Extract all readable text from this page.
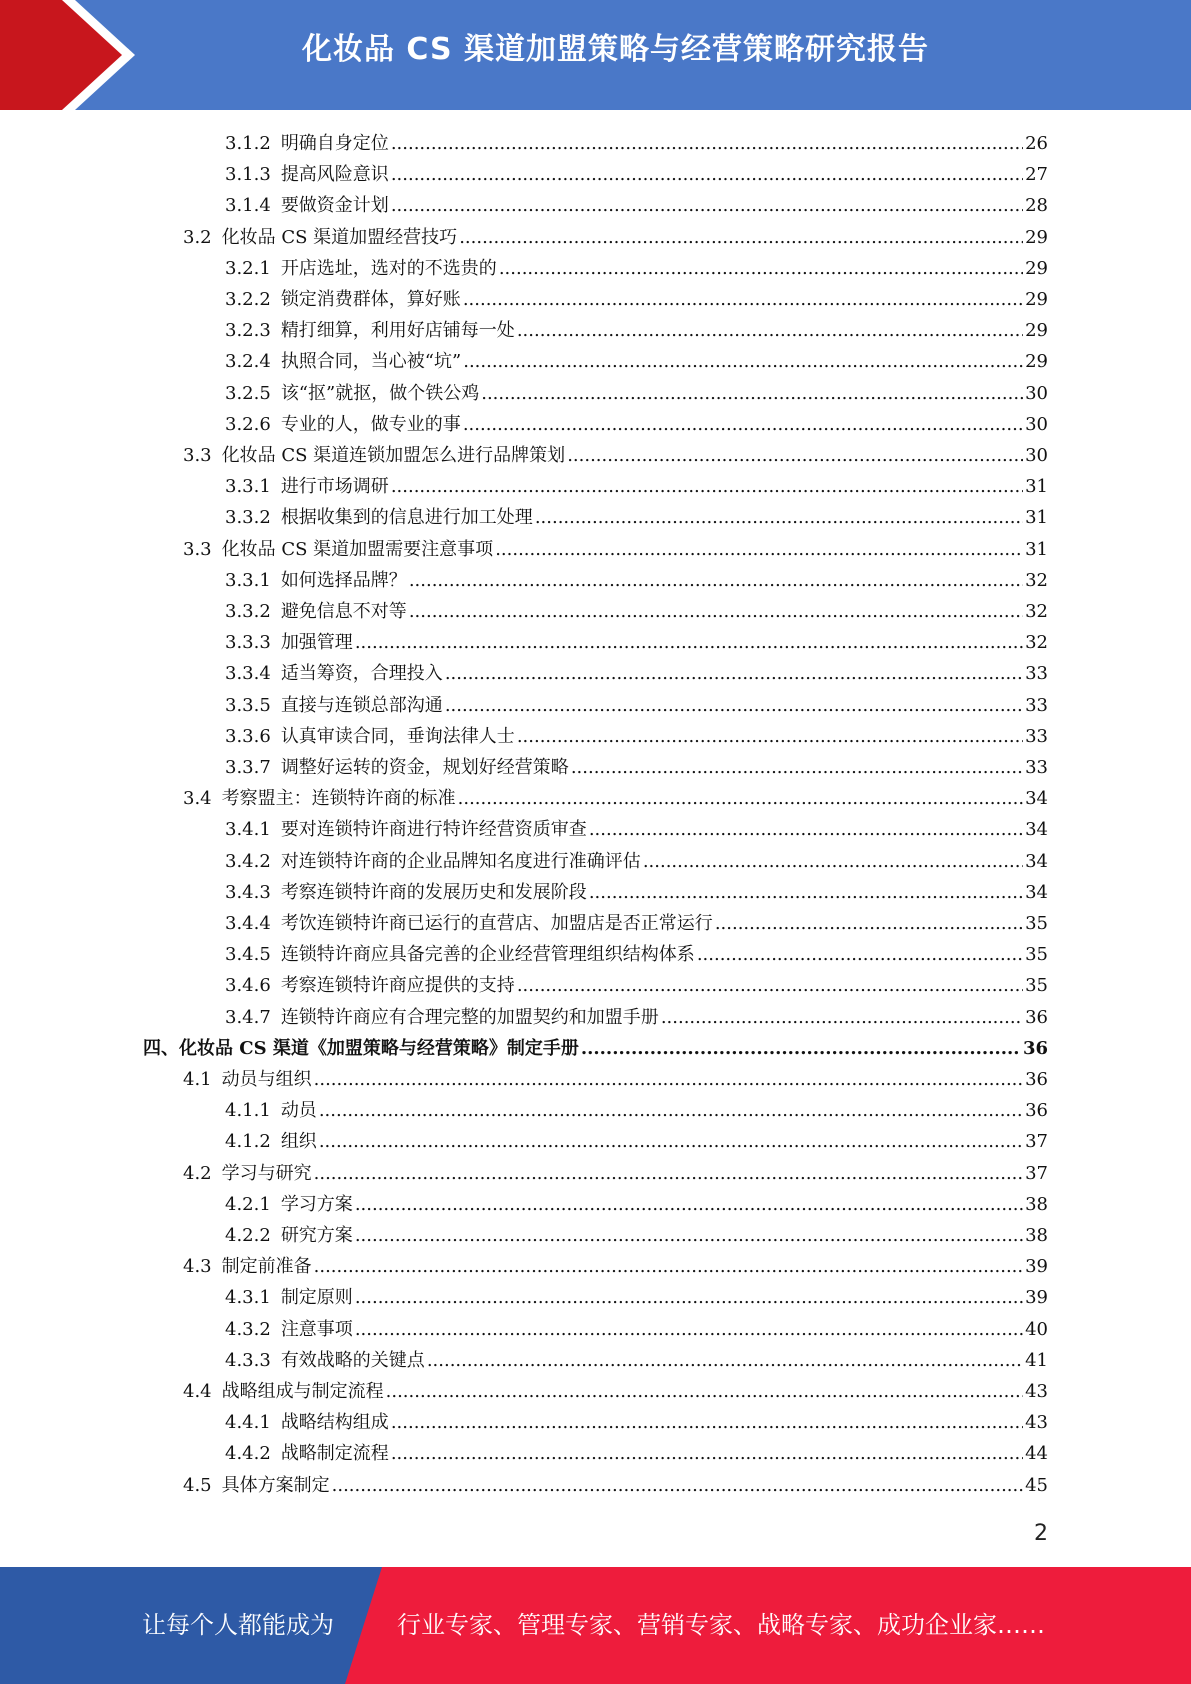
化妆品 CS 渠道加盟策略与经营策略研究报告
3.1.2 明确自身定位 .....	26
3.1.3 提高风险意识 .....	27
3.1.4 要做资金计划 .....	28
3.2 化妆品 CS 渠道加盟经营技巧 .....	29
3.2.1 开店选址，选对的不选贵的 .....	29
3.2.2 锁定消费群体，算好账 .....	29
3.2.3 精打细算，利用好店铺每一处 .....	29
3.2.4 执照合同，当心被“坑” .....	29
3.2.5 该“抠”就抠，做个铁公鸡 .....	30
3.2.6 专业的人，做专业的事 .....	30
3.3 化妆品 CS 渠道连锁加盟怎么进行品牌策划 .....	30
3.3.1 进行市场调研 .....	31
3.3.2 根据收集到的信息进行加工处理 .....	31
3.3 化妆品 CS 渠道加盟需要注意事项 .....	31
3.3.1 如何选择品牌？ .....	32
3.3.2 避免信息不对等 .....	32
3.3.3 加强管理 .....	32
3.3.4 适当筹资，合理投入 .....	33
3.3.5 直接与连锁总部沟通 .....	33
3.3.6 认真审读合同，垂询法律人士 .....	33
3.3.7 调整好运转的资金，规划好经营策略 .....	33
3.4 考察盟主：连锁特许商的标准 .....	34
3.4.1 要对连锁特许商进行特许经营资质审查 .....	34
3.4.2 对连锁特许商的企业品牌知名度进行准确评估 .....	34
3.4.3 考察连锁特许商的发展历史和发展阶段 .....	34
3.4.4 考饮连锁特许商已运行的直营店、加盟店是否正常运行 .....	35
3.4.5 连锁特许商应具备完善的企业经营管理组织结构体系 .....	35
3.4.6 考察连锁特许商应提供的支持 .....	35
3.4.7 连锁特许商应有合理完整的加盟契约和加盟手册 .....	36
四、化妆品 CS 渠道《加盟策略与经营策略》制定手册 .....	36
4.1 动员与组织 .....	36
4.1.1 动员 .....	36
4.1.2 组织 .....	37
4.2 学习与研究 .....	37
4.2.1 学习方案 .....	38
4.2.2 研究方案 .....	38
4.3 制定前准备 .....	39
4.3.1 制定原则 .....	39
4.3.2 注意事项 .....	40
4.3.3 有效战略的关键点 .....	41
4.4 战略组成与制定流程 .....	43
4.4.1 战略结构组成 .....	43
4.4.2 战略制定流程 .....	44
4.5 具体方案制定 .....	45
2
让每个人都能成为	行业专家、管理专家、营销专家、战略专家、成功企业家……
